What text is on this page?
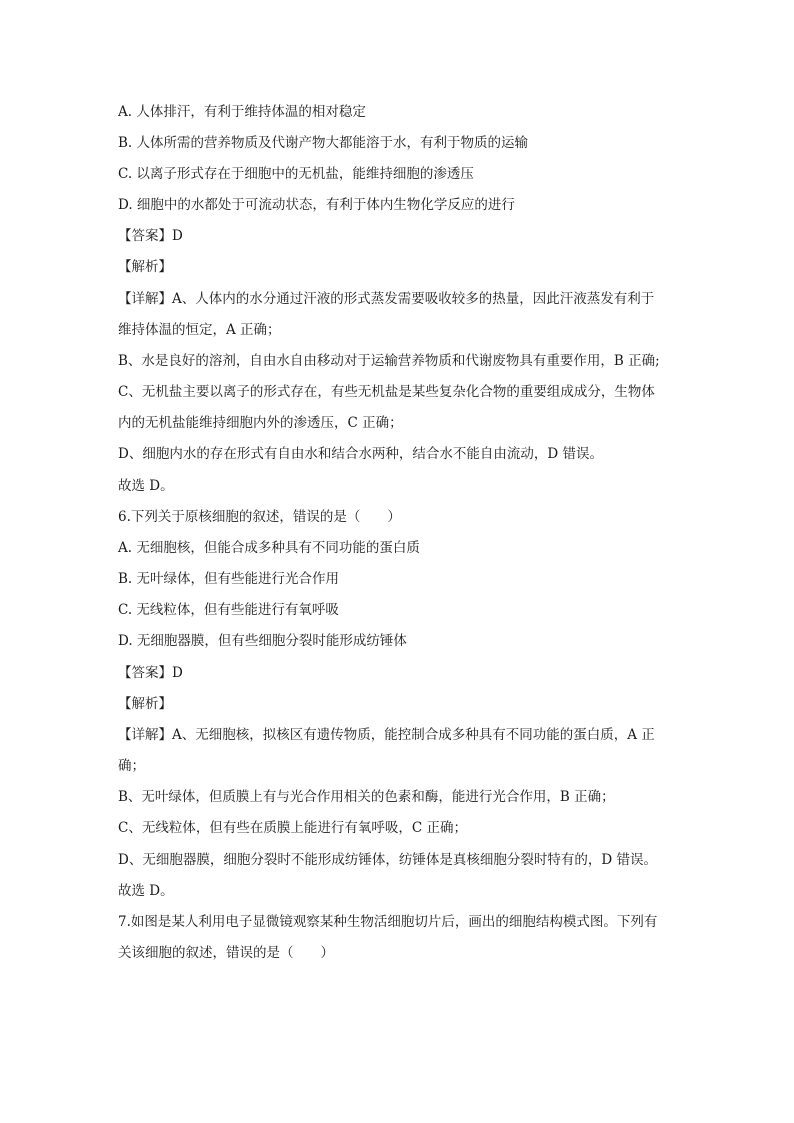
A. 人体排汗，有利于维持体温的相对稳定
B. 人体所需的营养物质及代谢产物大都能溶于水，有利于物质的运输
C. 以离子形式存在于细胞中的无机盐，能维持细胞的渗透压
D. 细胞中的水都处于可流动状态，有利于体内生物化学反应的进行
【答案】D
【解析】
【详解】A、人体内的水分通过汗液的形式蒸发需要吸收较多的热量，因此汗液蒸发有利于
维持体温的恒定，A 正确；
B、水是良好的溶剂，自由水自由移动对于运输营养物质和代谢废物具有重要作用，B 正确;
C、无机盐主要以离子的形式存在，有些无机盐是某些复杂化合物的重要组成成分，生物体
内的无机盐能维持细胞内外的渗透压，C 正确；
D、细胞内水的存在形式有自由水和结合水两种，结合水不能自由流动，D 错误。
故选 D。
6.下列关于原核细胞的叙述，错误的是（　　）
A. 无细胞核，但能合成多种具有不同功能的蛋白质
B. 无叶绿体，但有些能进行光合作用
C. 无线粒体，但有些能进行有氧呼吸
D. 无细胞器膜，但有些细胞分裂时能形成纺锤体
【答案】D
【解析】
【详解】A、无细胞核，拟核区有遗传物质，能控制合成多种具有不同功能的蛋白质，A 正
确；
B、无叶绿体，但质膜上有与光合作用相关的色素和酶，能进行光合作用，B 正确；
C、无线粒体，但有些在质膜上能进行有氧呼吸，C 正确；
D、无细胞器膜，细胞分裂时不能形成纺锤体，纺锤体是真核细胞分裂时特有的，D 错误。
故选 D。
7.如图是某人利用电子显微镜观察某种生物活细胞切片后，画出的细胞结构模式图。下列有
关该细胞的叙述，错误的是（　　）
